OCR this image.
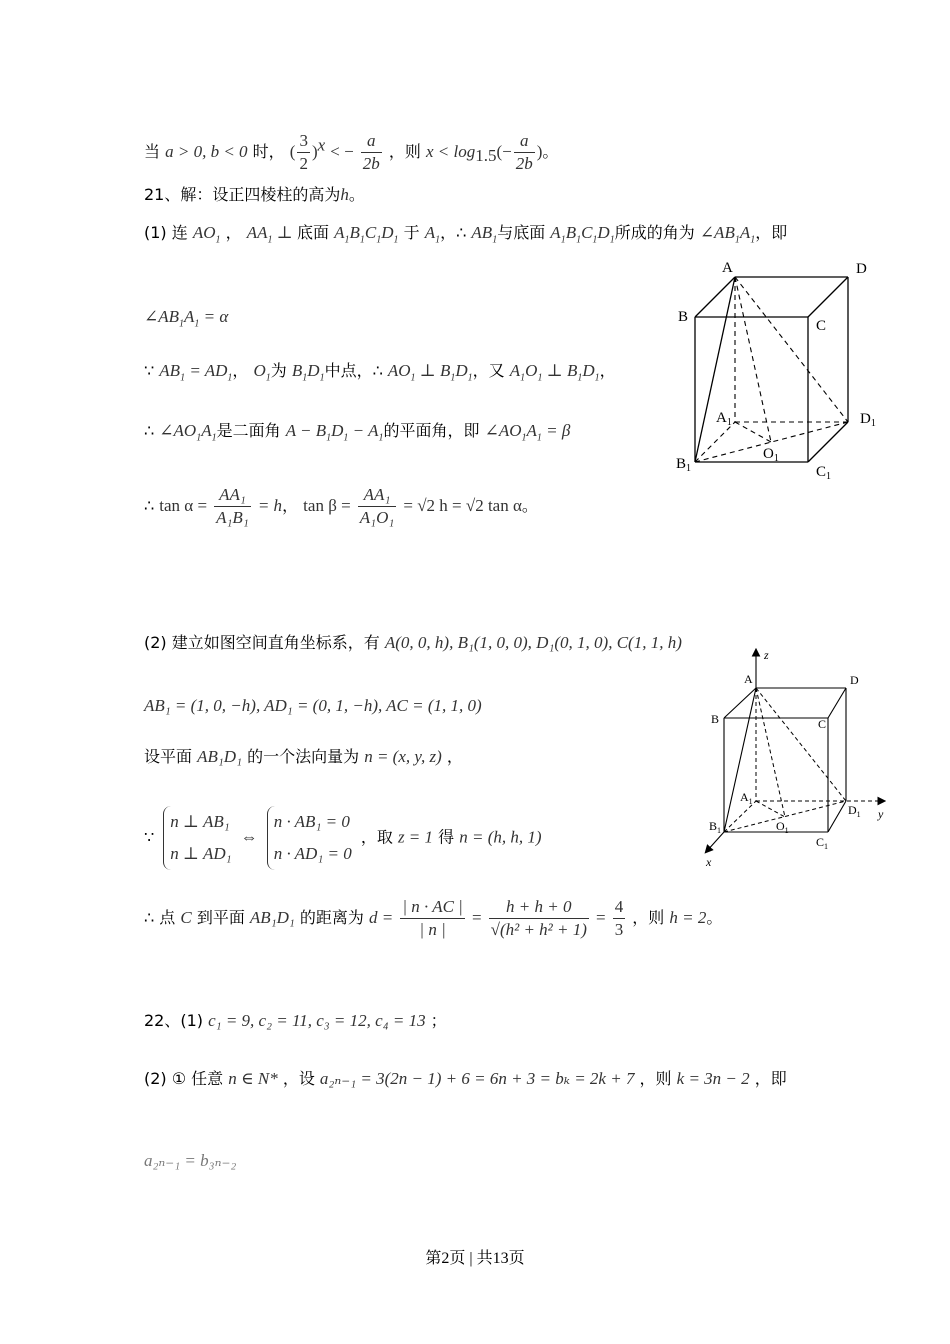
当 a > 0, b < 0 时， ( $\frac{3}{2} )^x$ < − $\frac{a}{2b}$ ，则 $x < \log_{1.5}(- \frac{a}{2b}$ )。
21、解：设正四棱柱的高为h。
(1) 连 $AO_1$ ， $AA_1$ ⊥ 底面 $A_1B_1C_1D_1$ 于 $A_1$，∴ $AB_1$与底面 $A_1B_1C_1D_1$所成的角为 $\angle AB_1A_1$，即
$\angle AB_1A_1 = \alpha$
∵ $AB_1 = AD_1$， $O_1$为 $B_1D_1$中点，∴ $AO_1$ ⊥ $B_1D_1$，又 $A_1O_1$ ⊥ $B_1D_1$，
∴ $\angle AO_1A_1$是二面角 $A - B_1D_1 - A_1$的平面角，即 $\angle AO_1A_1 = \beta$
∴ $\tan \alpha = \frac{\text{AA₁}}{\text{A₁B₁}} = h$， $\tan \beta = \frac{\text{AA₁}}{\text{A₁O₁}} = √2$ h = √2 tan α。
(2) 建立如图空间直角坐标系，有 A(0, 0, h), B₁(1, 0, 0), D₁(0, 1, 0), C(1, 1, h)
AB₁ = (1, 0, −h), AD₁ = (0, 1, −h), AC = (1, 1, 0)
设平面 AB₁D₁ 的一个法向量为 n = (x, y, z) ，
∵
n ⊥ AB₁
n ⊥ AD₁
⇔
n · AB₁ = 0
n · AD₁ = 0
，取 z = 1 得 n = (h, h, 1)
∴ 点 C 到平面 AB₁D₁ 的距离为 $d = \frac{| n \cdot AC |}{| n |} = \frac{h + h + 0}{\text{√(h² + h² + 1)}} = \frac{4}{3}$ ，则 h = 2。
22、(1) c₁ = 9, c₂ = 11, c₃ = 12, c₄ = 13 ；
(2) ① 任意 n ∈ N* ，设 a₂ₙ₋₁ = 3(2n − 1) + 6 = 6n + 3 = bₖ = 2k + 7 ，则 k = 3n − 2 ，即
a₂ₙ₋₁ = b₃ₙ₋₂
A	D
B
C
$A_1$	$D_1$
$B_1$
$O_1$
$C_1$
z
y
x
A	D
B	C
$A_1$
$D_1$
$B_1$	$O_1$
$C_1$
第2页 | 共13页
